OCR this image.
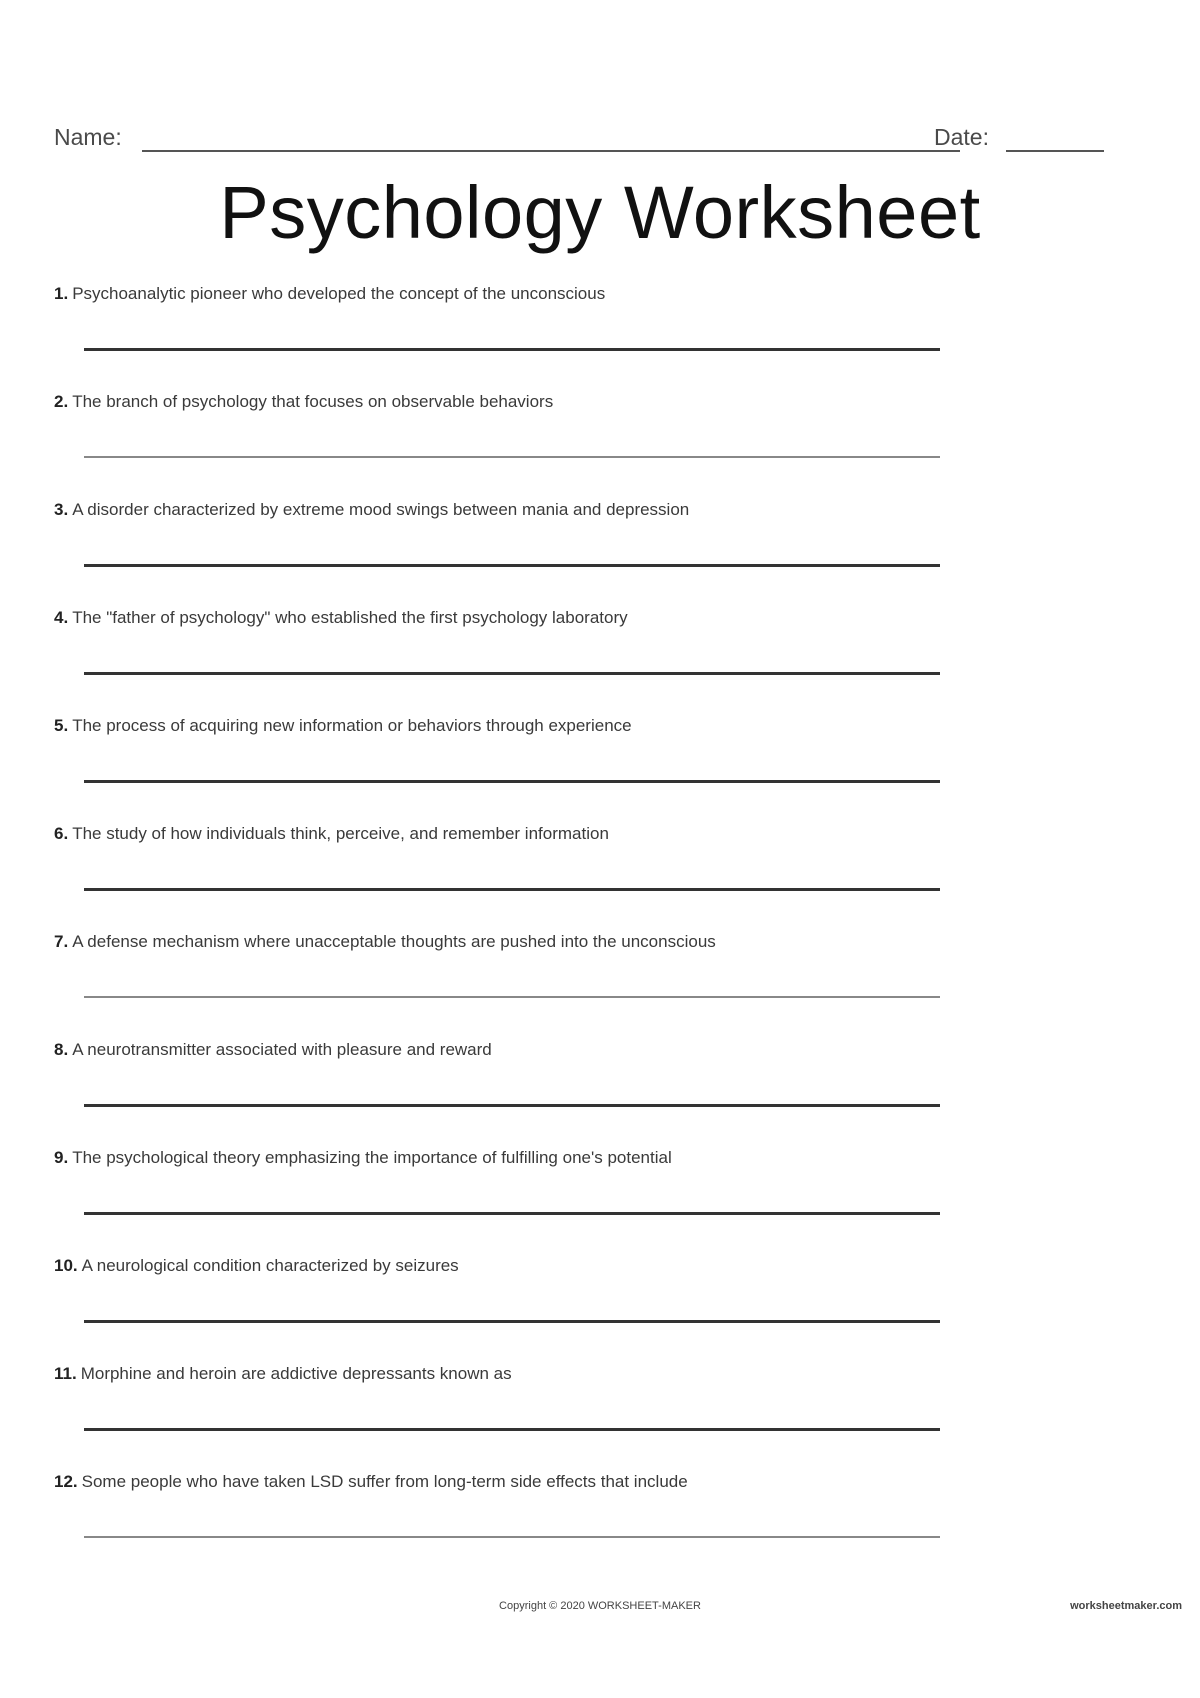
Name:	Date:
Psychology Worksheet
1. Psychoanalytic pioneer who developed the concept of the unconscious
2. The branch of psychology that focuses on observable behaviors
3. A disorder characterized by extreme mood swings between mania and depression
4. The "father of psychology" who established the first psychology laboratory
5. The process of acquiring new information or behaviors through experience
6. The study of how individuals think, perceive, and remember information
7. A defense mechanism where unacceptable thoughts are pushed into the unconscious
8. A neurotransmitter associated with pleasure and reward
9. The psychological theory emphasizing the importance of fulfilling one's potential
10. A neurological condition characterized by seizures
11. Morphine and heroin are addictive depressants known as
12. Some people who have taken LSD suffer from long-term side effects that include
Copyright © 2020 WORKSHEET-MAKER	worksheetmaker.com
